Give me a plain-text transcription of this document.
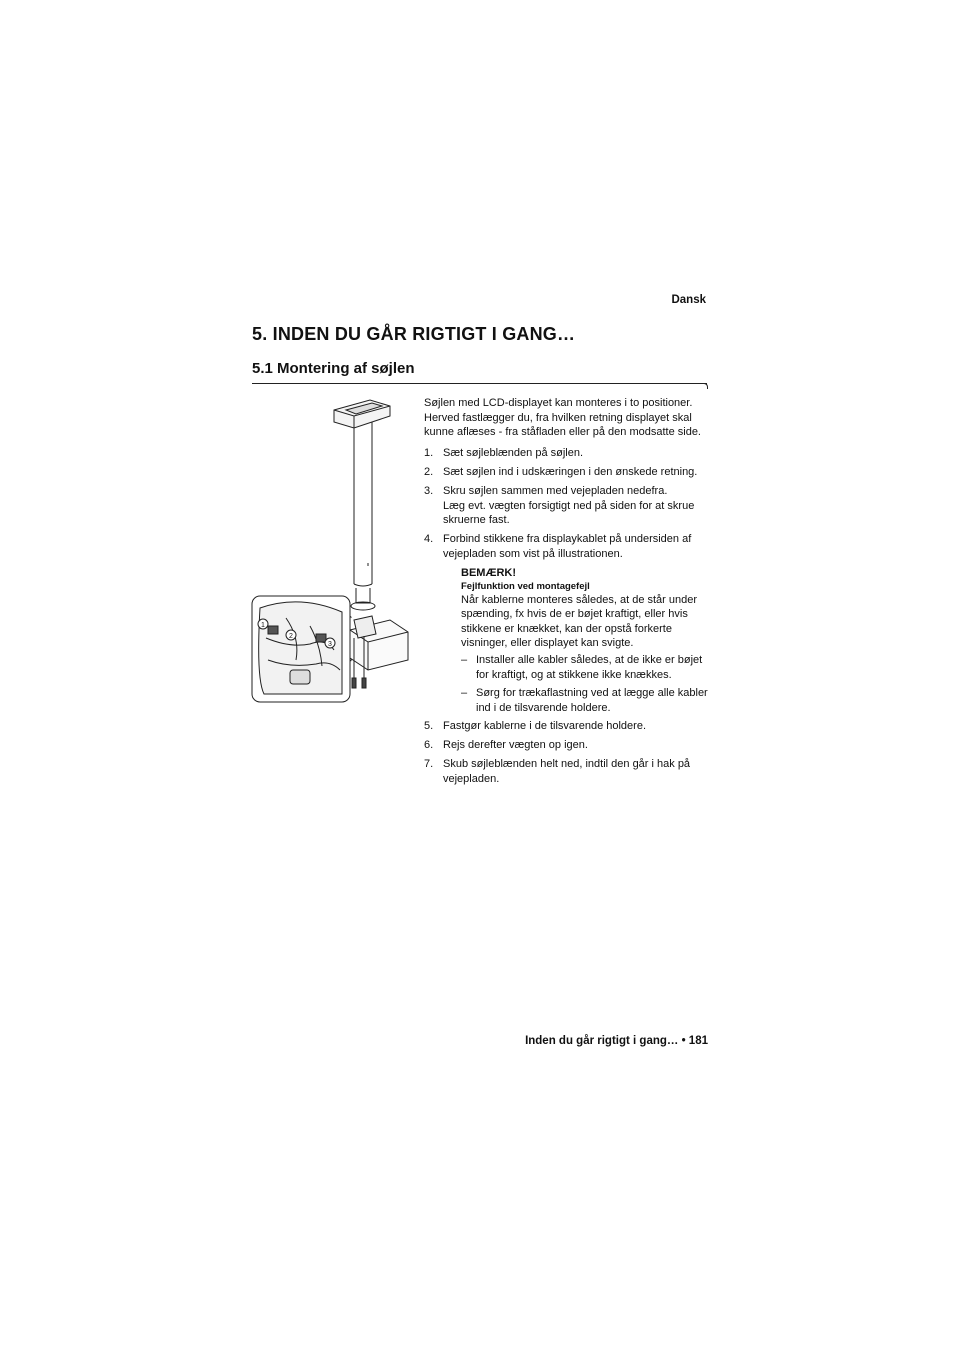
Dansk
5. INDEN DU GÅR RIGTIGT I GANG…
5.1 Montering af søjlen
1
2
3

Søjlen med LCD-displayet kan monteres i to positioner. Herved fastlægger du, fra hvilken retning displayet skal kunne aflæses - fra ståfladen eller på den modsatte side.

1. Sæt søjleblænden på søjlen.
2. Sæt søjlen ind i udskæringen i den ønskede retning.
3. Skru søjlen sammen med vejepladen nedefra.
Læg evt. vægten forsigtigt ned på siden for at skrue skruerne fast.
4. Forbind stikkene fra displaykablet på undersiden af vejepladen som vist på illustrationen.
BEMÆRK!
Fejlfunktion ved montagefejl
Når kablerne monteres således, at de står under spænding, fx hvis de er bøjet kraftigt, eller hvis stikkene er knækket, kan der opstå forkerte visninger, eller displayet kan svigte.
– Installer alle kabler således, at de ikke er bøjet for kraftigt, og at stikkene ikke knækkes.
– Sørg for trækaflastning ved at lægge alle kabler ind i de tilsvarende holdere.
5. Fastgør kablerne i de tilsvarende holdere.
6. Rejs derefter vægten op igen.
7. Skub søjleblænden helt ned, indtil den går i hak på vejepladen.
Inden du går rigtigt i gang… • 181
